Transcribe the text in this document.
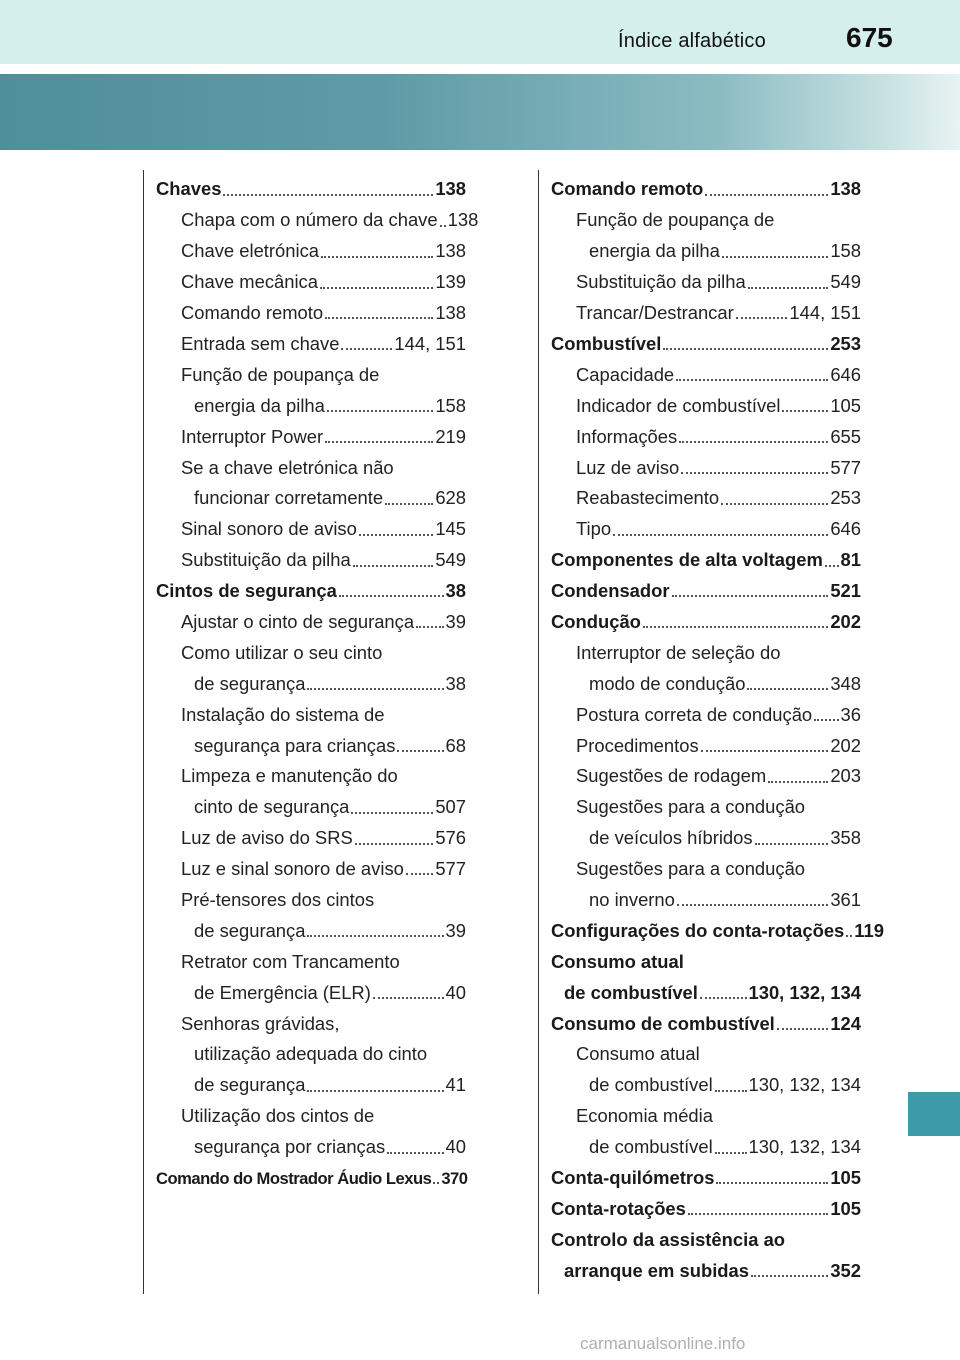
Índice alfabético	675
Chaves	138
Chapa com o número da chave 138
Chave eletrónica	138
Chave mecânica	139
Comando remoto	138
Entrada sem chave	144, 151
Função de poupança de
energia da pilha	158
Interruptor Power	219
Se a chave eletrónica não
funcionar corretamente	628
Sinal sonoro de aviso	145
Substituição da pilha	549
Cintos de segurança	38
Ajustar o cinto de segurança 39
Como utilizar o seu cinto
de segurança	38
Instalação do sistema de
segurança para crianças	68
Limpeza e manutenção do
cinto de segurança	507
Luz de aviso do SRS	576
Luz e sinal sonoro de aviso 577
Pré-tensores dos cintos
de segurança	39
Retrator com Trancamento
de Emergência (ELR)	40
Senhoras grávidas,
utilização adequada do cinto
de segurança	41
Utilização dos cintos de
segurança por crianças	40
Comando do Mostrador Áudio Lexus 370
Comando remoto	138
Função de poupança de
energia da pilha	158
Substituição da pilha	549
Trancar/Destrancar	144, 151
Combustível	253
Capacidade	646
Indicador de combustível	105
Informações	655
Luz de aviso	577
Reabastecimento	253
Tipo	646
Componentes de alta voltagem 81
Condensador	521
Condução	202
Interruptor de seleção do
modo de condução	348
Postura correta de condução 36
Procedimentos	202
Sugestões de rodagem	203
Sugestões para a condução
de veículos híbridos	358
Sugestões para a condução
no inverno	361
Configurações do conta-rotações 119
Consumo atual
de combustível	130, 132, 134
Consumo de combustível	124
Consumo atual
de combustível 130, 132, 134
Economia média
de combustível 130, 132, 134
Conta-quilómetros	105
Conta-rotações	105
Controlo da assistência ao
arranque em subidas	352
carmanualsonline.info
